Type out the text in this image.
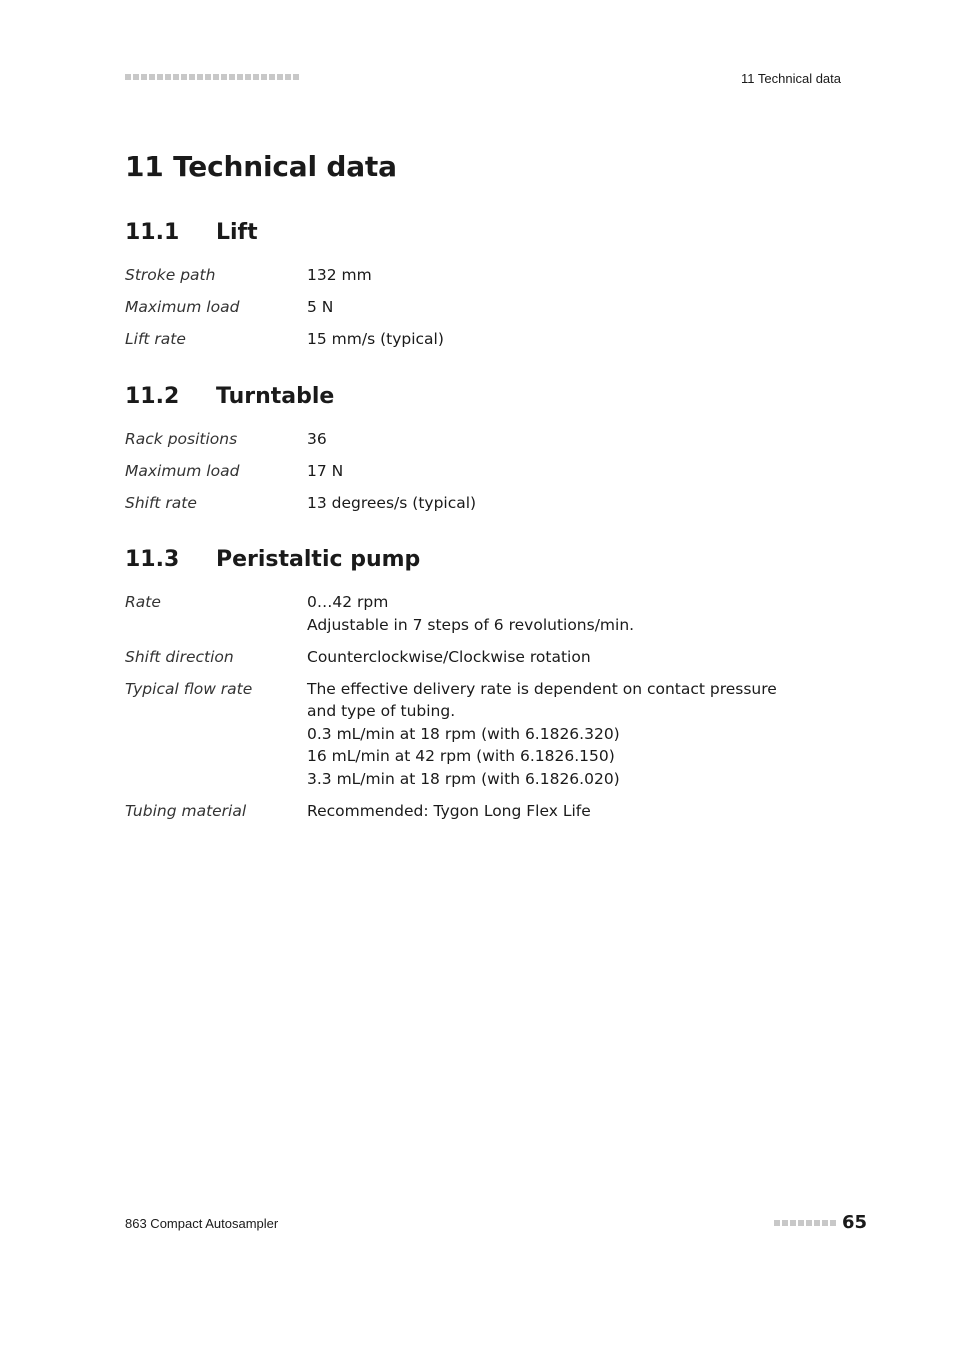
11 Technical data
11 Technical data
11.1	Lift
Stroke path	132 mm
Maximum load	5 N
Lift rate	15 mm/s (typical)
11.2	Turntable
Rack positions	36
Maximum load	17 N
Shift rate	13 degrees/s (typical)
11.3	Peristaltic pump
Rate	0…42 rpm
Adjustable in 7 steps of 6 revolutions/min.
Shift direction	Counterclockwise/Clockwise rotation
Typical flow rate	The effective delivery rate is dependent on contact pressure and type of tubing.
0.3 mL/min at 18 rpm (with 6.1826.320)
16 mL/min at 42 rpm (with 6.1826.150)
3.3 mL/min at 18 rpm (with 6.1826.020)
Tubing material	Recommended: Tygon Long Flex Life
863 Compact Autosampler	65
